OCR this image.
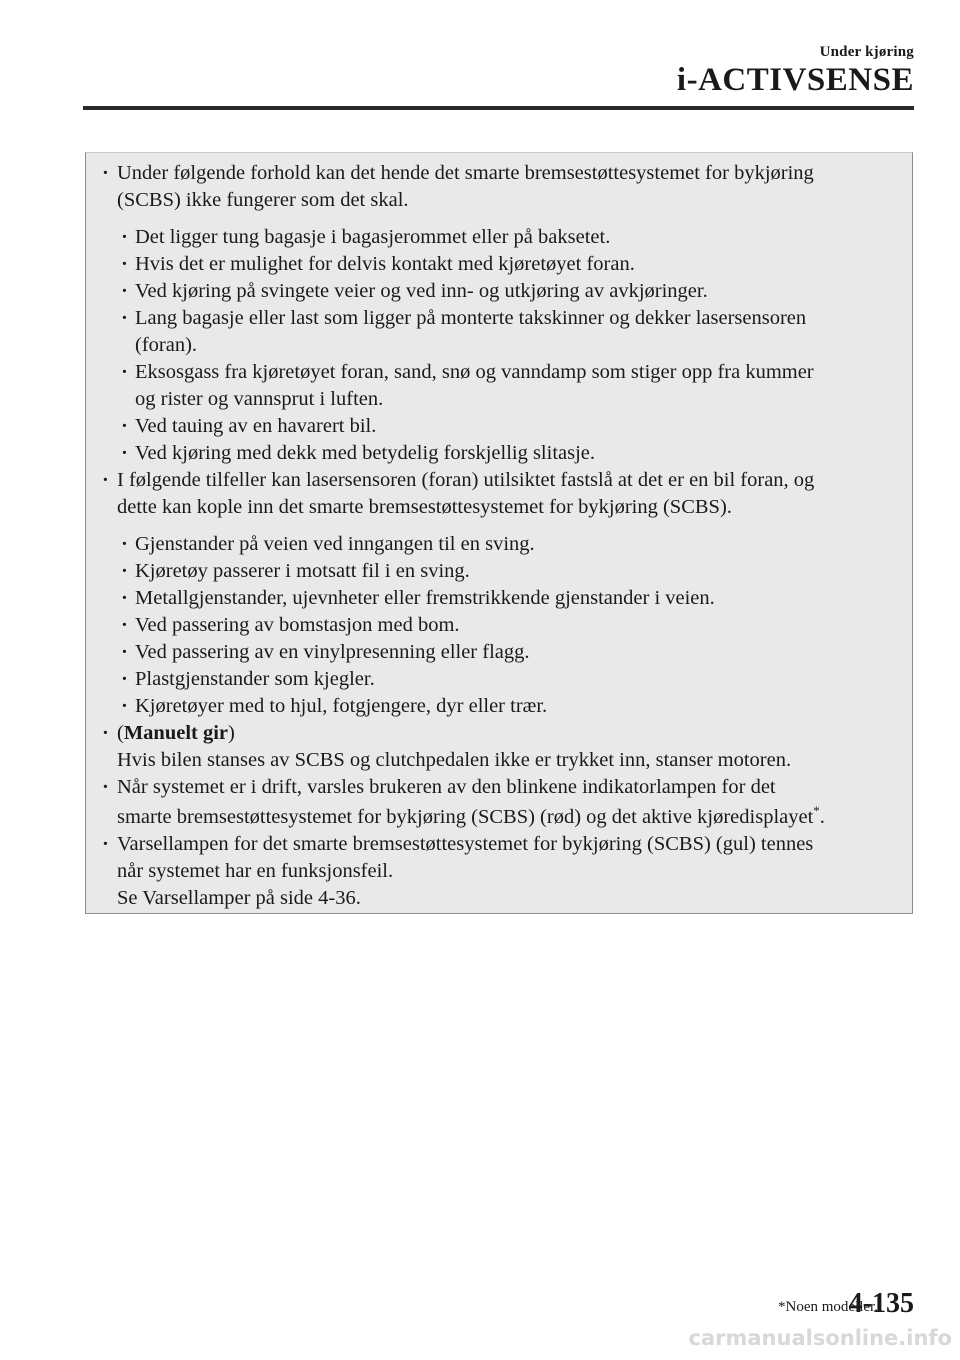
Under kjøring
i-ACTIVSENSE
· Under følgende forhold kan det hende det smarte bremsestøttesystemet for bykjøring
(SCBS) ikke fungerer som det skal.
· Det ligger tung bagasje i bagasjerommet eller på baksetet.
· Hvis det er mulighet for delvis kontakt med kjøretøyet foran.
· Ved kjøring på svingete veier og ved inn- og utkjøring av avkjøringer.
· Lang bagasje eller last som ligger på monterte takskinner og dekker lasersensoren
(foran).
· Eksosgass fra kjøretøyet foran, sand, snø og vanndamp som stiger opp fra kummer
og rister og vannsprut i luften.
· Ved tauing av en havarert bil.
· Ved kjøring med dekk med betydelig forskjellig slitasje.
· I følgende tilfeller kan lasersensoren (foran) utilsiktet fastslå at det er en bil foran, og
dette kan kople inn det smarte bremsestøttesystemet for bykjøring (SCBS).
· Gjenstander på veien ved inngangen til en sving.
· Kjøretøy passerer i motsatt fil i en sving.
· Metallgjenstander, ujevnheter eller fremstrikkende gjenstander i veien.
· Ved passering av bomstasjon med bom.
· Ved passering av en vinylpresenning eller flagg.
· Plastgjenstander som kjegler.
· Kjøretøyer med to hjul, fotgjengere, dyr eller trær.
· (Manuelt gir)
Hvis bilen stanses av SCBS og clutchpedalen ikke er trykket inn, stanser motoren.
· Når systemet er i drift, varsles brukeren av den blinkene indikatorlampen for det
smarte bremsestøttesystemet for bykjøring (SCBS) (rød) og det aktive kjøredisplayet*.
· Varsellampen for det smarte bremsestøttesystemet for bykjøring (SCBS) (gul) tennes
når systemet har en funksjonsfeil.
Se Varsellamper på side 4-36.
*Noen modeller.
4-135
carmanualsonline.info
